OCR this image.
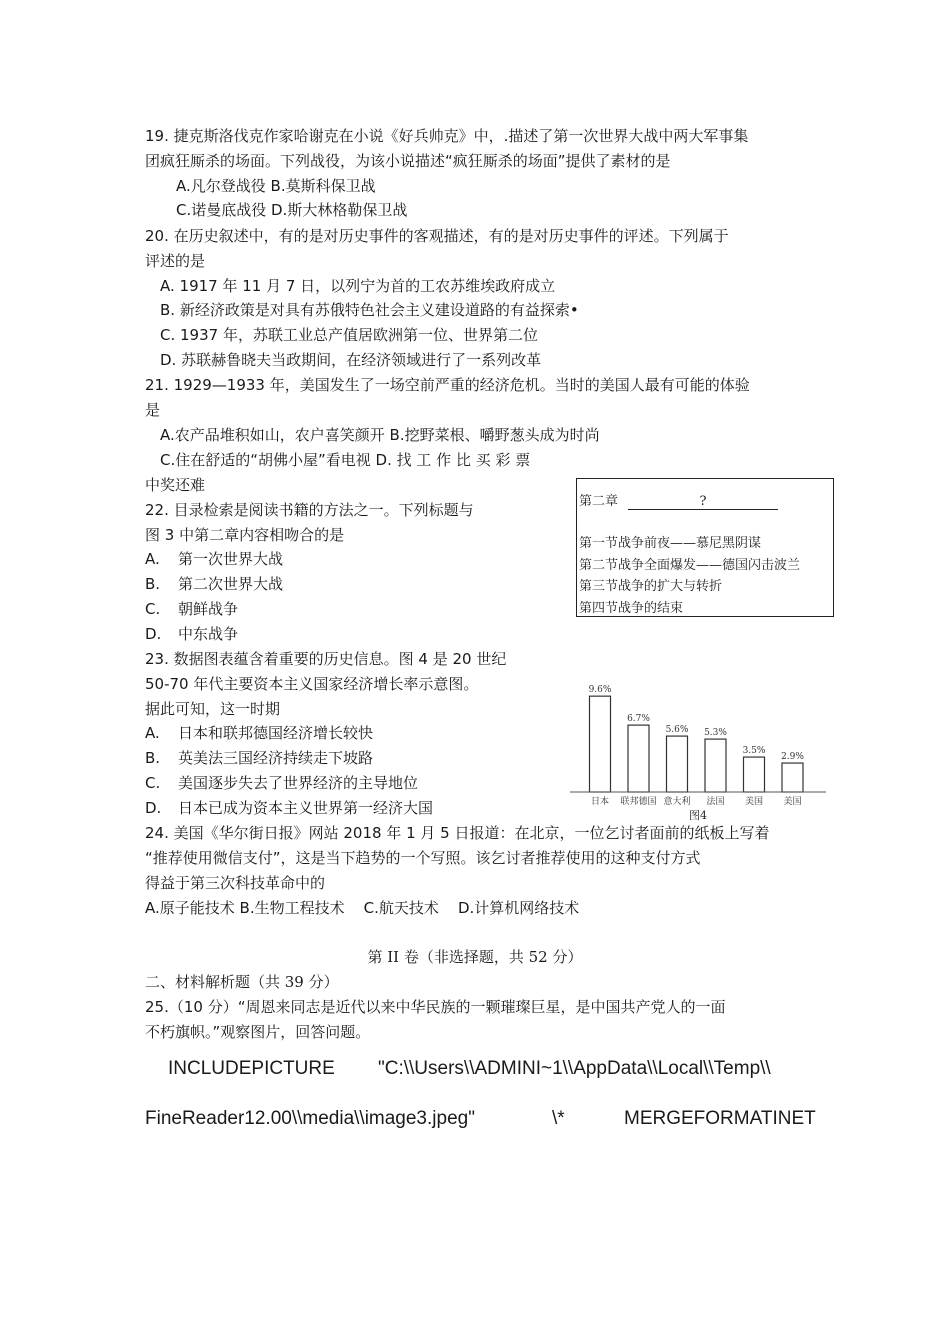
19. 捷克斯洛伐克作家哈谢克在小说《好兵帅克》中，.描述了第一次世界大战中两大军事集
团疯狂厮杀的场面。下列战役，为该小说描述“疯狂厮杀的场面”提供了素材的是
A.凡尔登战役 B.莫斯科保卫战
C.诺曼底战役 D.斯大林格勒保卫战
20. 在历史叙述中，有的是对历史事件的客观描述，有的是对历史事件的评述。下列属于
评述的是
A. 1917 年 11 月 7 日，以列宁为首的工农苏维埃政府成立
B. 新经济政策是对具有苏俄特色社会主义建设道路的有益探索•
C. 1937 年，苏联工业总产值居欧洲第一位、世界第二位
D. 苏联赫鲁晓夫当政期间，在经济领域进行了一系列改革
21. 1929—1933 年，美国发生了一场空前严重的经济危机。当时的美国人最有可能的体验
是
A.农产品堆积如山，农户喜笑颜开 B.挖野菜根、嚼野葱头成为时尚
C.住在舒适的“胡佛小屋”看电视 D. 找 工 作 比 买 彩 票
中奖还难
22. 目录检索是阅读书籍的方法之一。下列标题与
图 3 中第二章内容相吻合的是
A. 第一次世界大战
B. 第二次世界大战
C. 朝鲜战争
D. 中东战争
第二章	?
第一节战争前夜——慕尼黑阴谋
第二节战争全面爆发——德国闪击波兰
第三节战争的扩大与转折
第四节战争的结束
23. 数据图表蕴含着重要的历史信息。图 4 是 20 世纪
50-70 年代主要资本主义国家经济增长率示意图。
据此可知，这一时期
A. 日本和联邦德国经济增长较快
B. 英美法三国经济持续走下坡路
C. 美国逐步失去了世界经济的主导地位
D. 日本已成为资本主义世界第一经济大国
9.6%
日本
6.7%
联邦德国
5.6%
意大利
5.3%
法国
3.5%
美国
2.9%
美国
图4
24. 美国《华尔街日报》网站 2018 年 1 月 5 日报道：在北京，一位乞讨者面前的纸板上写着
“推荐使用微信支付”，这是当下趋势的一个写照。该乞讨者推荐使用的这种支付方式
得益于第三次科技革命中的
A.原子能技术 B.生物工程技术    C.航天技术    D.计算机网络技术
第 II 卷（非选择题，共 52 分）
二、材料解析题（共 39 分）
25.（10 分）“周恩来同志是近代以来中华民族的一颗璀璨巨星，是中国共产党人的一面
不朽旗帜。”观察图片，回答问题。
INCLUDEPICTURE "C:\\Users\\ADMINI~1\\AppData\\Local\\Temp\\
FineReader12.00\\media\\image3.jpeg"	\*	MERGEFORMATINET
